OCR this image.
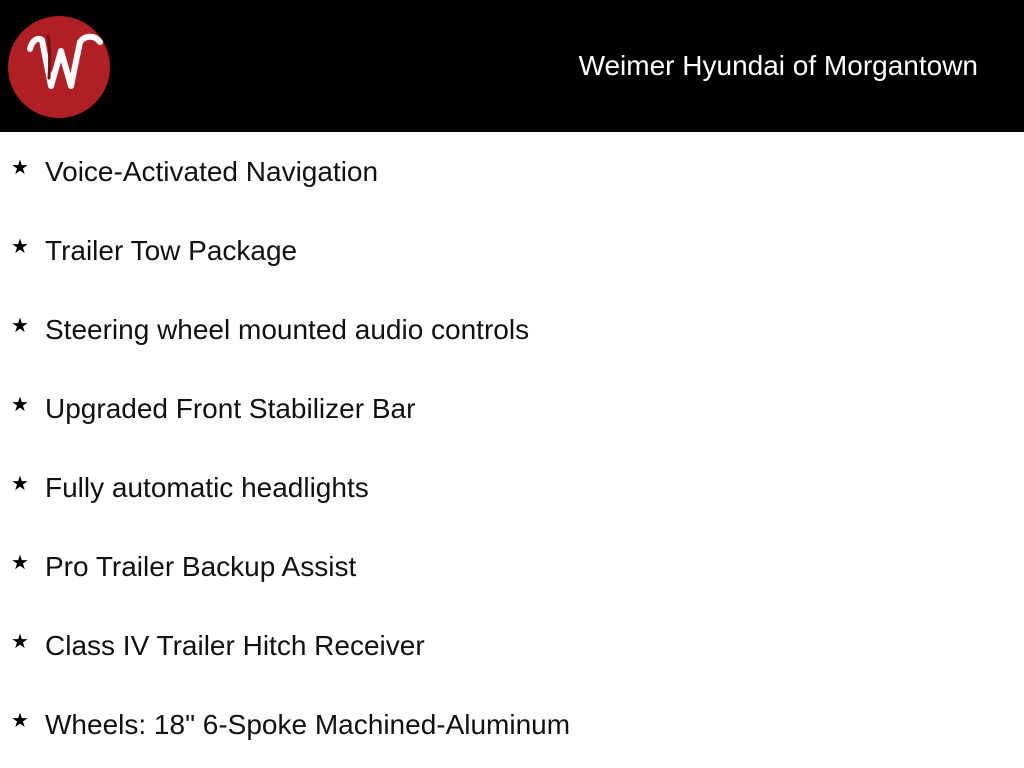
Weimer Hyundai of Morgantown
★ Voice-Activated Navigation
★ Trailer Tow Package
★ Steering wheel mounted audio controls
★ Upgraded Front Stabilizer Bar
★ Fully automatic headlights
★ Pro Trailer Backup Assist
★ Class IV Trailer Hitch Receiver
★ Wheels: 18" 6-Spoke Machined-Aluminum
